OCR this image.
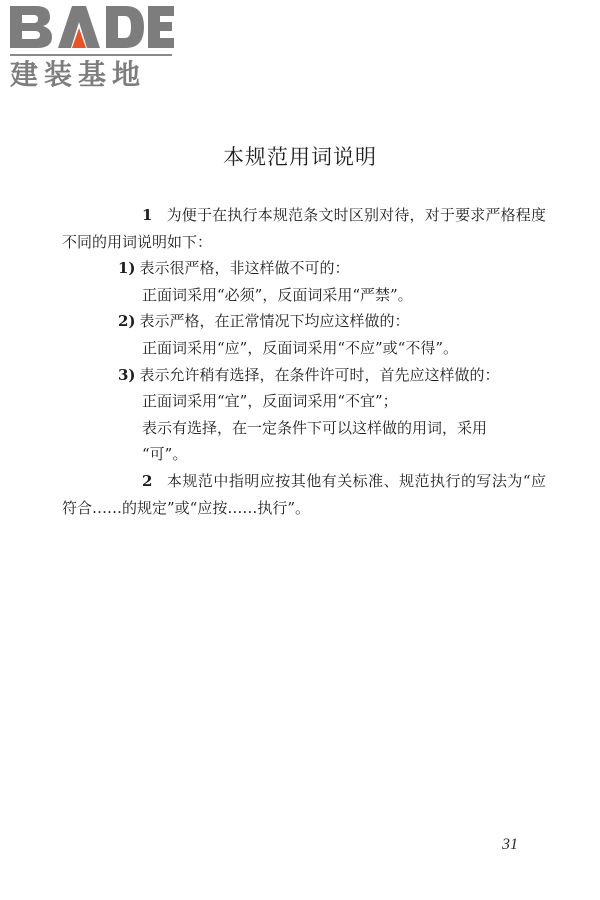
建装基地
本规范用词说明

1 为便于在执行本规范条文时区别对待，对于要求严格程度不同的用词说明如下：

1) 表示很严格，非这样做不可的：

正面词采用“必须”，反面词采用“严禁”。

2) 表示严格，在正常情况下均应这样做的：

正面词采用“应”，反面词采用“不应”或“不得”。

3) 表示允许稍有选择，在条件许可时，首先应这样做的：

正面词采用“宜”，反面词采用“不宜”；

表示有选择，在一定条件下可以这样做的用词，采用

“可”。

2 本规范中指明应按其他有关标准、规范执行的写法为“应符合……的规定”或“应按……执行”。

31
